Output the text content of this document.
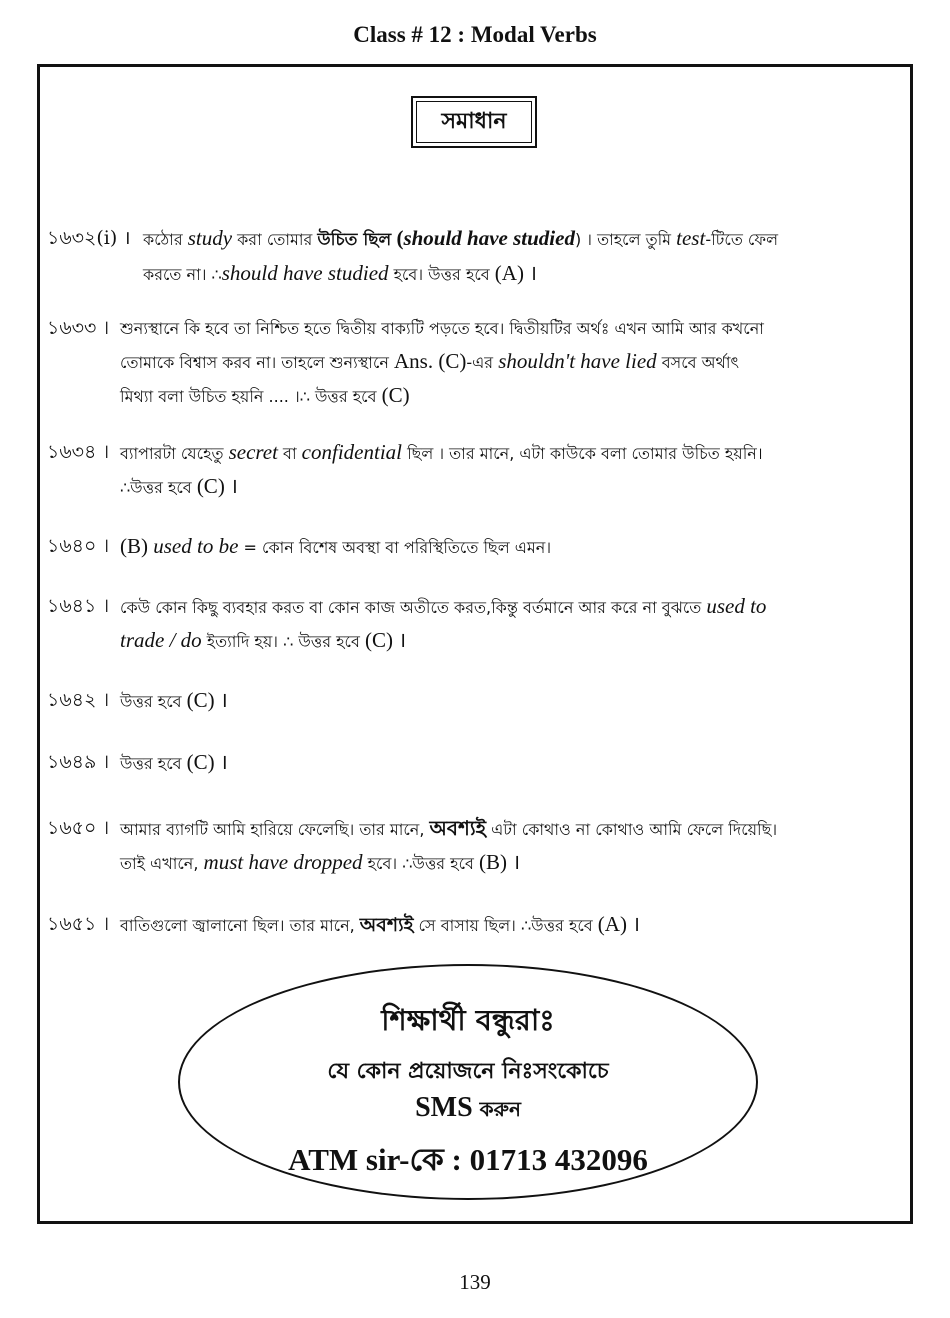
Class # 12 : Modal Verbs
সমাধান
১৬৩২(i) । কঠোর study করা তোমার উচিত ছিল (should have studied) । তাহলে তুমি test-টিতে ফেল
করতে না। ∴should have studied হবে। উত্তর হবে (A) ।
১৬৩৩ । শুন্যস্থানে কি হবে তা নিশ্চিত হতে দ্বিতীয় বাক্যটি পড়তে হবে। দ্বিতীয়টির অর্থঃ এখন আমি আর কখনো
তোমাকে বিশ্বাস করব না। তাহলে শুন্যস্থানে Ans. (C)-এর shouldn't have lied বসবে অর্থাৎ
মিথ্যা বলা উচিত হয়নি .... ।∴ উত্তর হবে (C)
১৬৩৪ । ব্যাপারটা যেহেতু secret বা confidential ছিল । তার মানে, এটা কাউকে বলা তোমার উচিত হয়নি।
∴উত্তর হবে (C) ।
১৬৪০ । (B) used to be = কোন বিশেষ অবস্থা বা পরিস্থিতিতে ছিল এমন।
১৬৪১ । কেউ কোন কিছু ব্যবহার করত বা কোন কাজ অতীতে করত,কিন্তু বর্তমানে আর করে না বুঝতে used to
trade / do ইত্যাদি হয়। ∴ উত্তর হবে (C) ।
১৬৪২ । উত্তর হবে (C) ।
১৬৪৯ । উত্তর হবে (C) ।
১৬৫০ । আমার ব্যাগটি আমি হারিয়ে ফেলেছি। তার মানে, অবশ্যই এটা কোথাও না কোথাও আমি ফেলে দিয়েছি।
তাই এখানে, must have dropped হবে। ∴উত্তর হবে (B) ।
১৬৫১ । বাতিগুলো জ্বালানো ছিল। তার মানে, অবশ্যই সে বাসায় ছিল। ∴উত্তর হবে (A) ।
শিক্ষার্থী বন্ধুরাঃ
যে কোন প্রয়োজনে নিঃসংকোচে
SMS করুন
ATM sir-কে : 01713 432096
139
